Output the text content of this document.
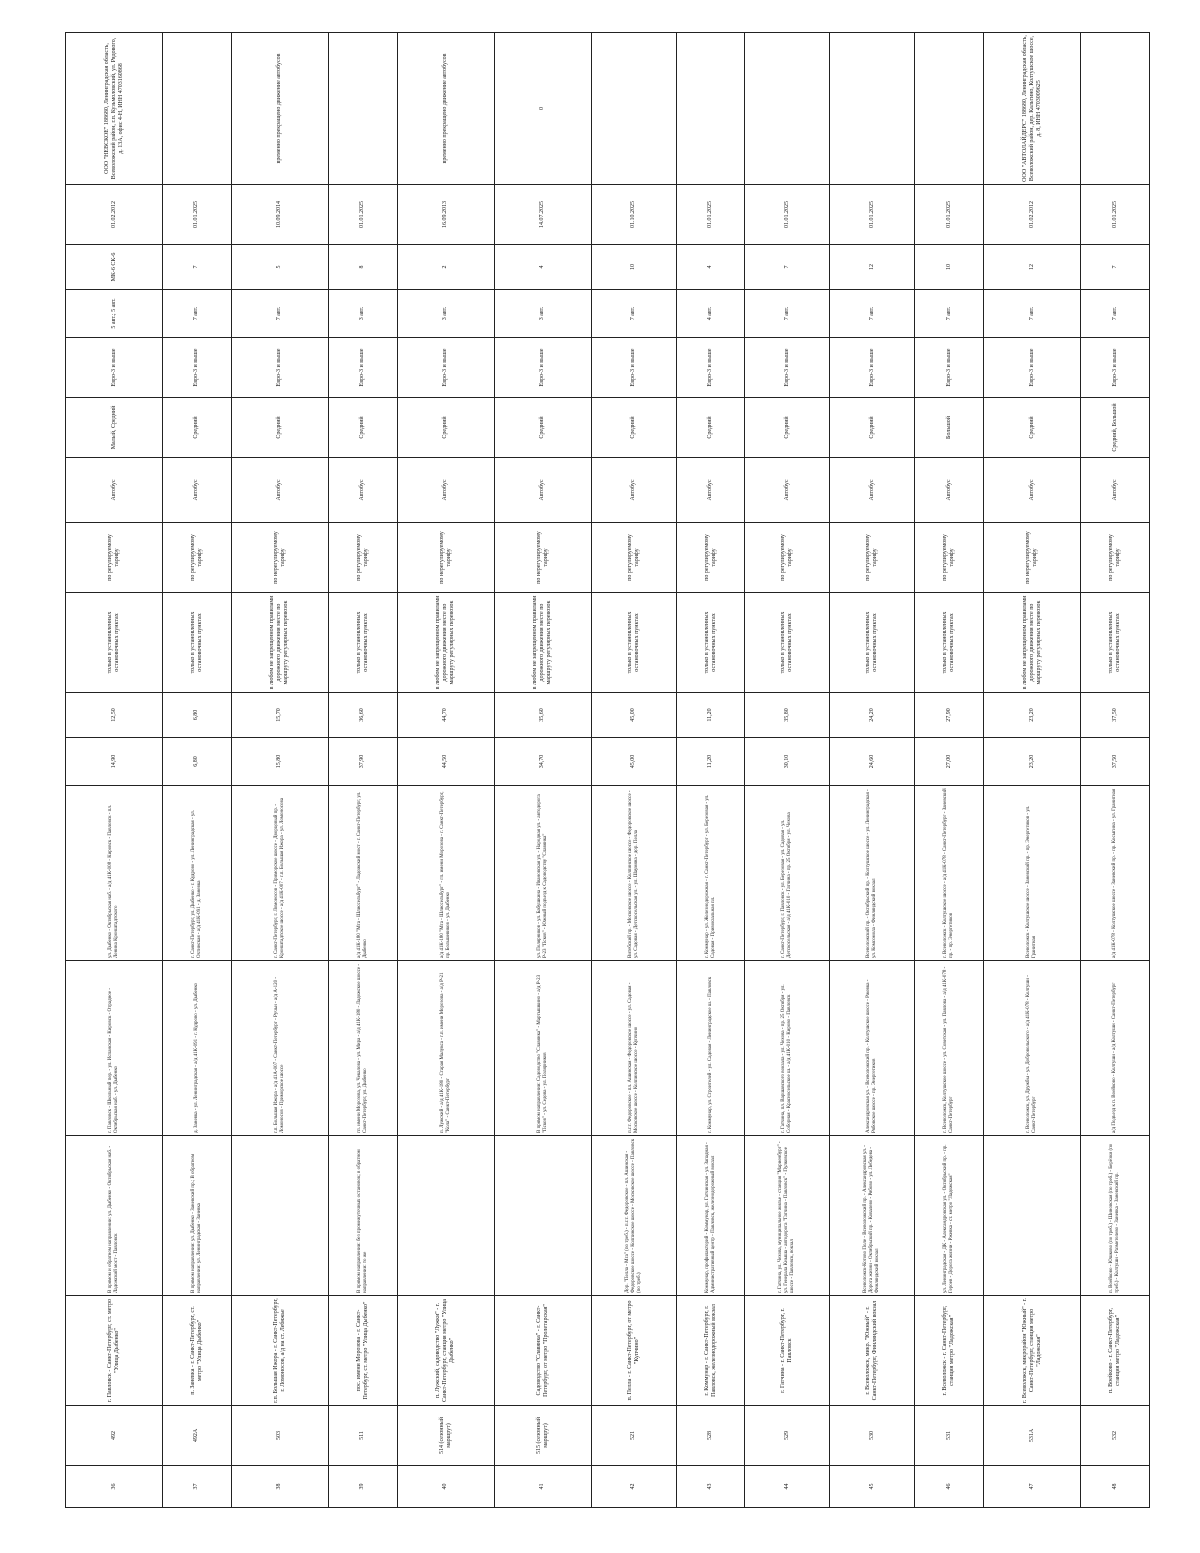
36	492	г. Павловск - Санкт-Петербург, ст. метро "Улица Дыбенко"	В прямом и обратном направлении: ул. Дыбенко - Октябрьская наб. - Ладожский мост - Павловск	г. Павловск - Школьный пер. - ул. Испанская - Кировск - Отрадное - Октябрьская наб. - ул. Дыбенко	ул. Дыбенко - Октябрьская наб. - а/д 41К-008 - Кировск - Павловск - пл. Ленина Кронштадтского	14,90	12,50	только в установленных остановочных пунктах	по регулируемому тарифу	Автобус	Малый, Средний	Евро-3 и выше	5 авт.; 5 авт.	МК-6 СК-6	01.02.2012	ООО "НЕВСКОЕ" 188680, Ленинградская область, Всеволожский район, г.п. Кузьмоловский, ул. Рядового, д. 13А, офис 4-Н, ИНН 4703160868
37	492А	п. Заневка - г. Санкт-Петербург, ст. метро "Улица Дыбенко"	В прямом направлении: ул. Дыбенко - Заневский пр.; В обратном направлении: ул. Ленинградская - Заневка	д. Заневка - ул. Ленинградская - а/д 41К-091 - г. Кудрово - ул. Дыбенко	г. Санкт-Петербург, ул. Дыбенко - г. Кудрово - ул. Ленинградская - ул. Охтинская - а/д 41К-091 - д. Заневка	6,80	6,80	только в установленных остановочных пунктах	по регулируемому тарифу	Автобус	Средний	Евро-3 и выше	7 авт.	7	01.01.2025	
38	503	г.п. Большая Ижора - г. Санкт-Петербург, г. Ломоносов, а/д на ст. Лебяжье		г.п. Большая Ижора - а/д 41А-007 - Санкт-Петербург - Ручьи - а/д А-120 - Ломоносов - Приморское шоссе	г. Санкт-Петербург, г. Ломоносов - Приморское шоссе - Дворцовый пр. - Кронштадтское шоссе - а/д 41К-007 - г.п. Большая Ижора - ул. Ломоносова	15,80	15,70	в любом не запрещенном правилами дорожного движения месте по маршруту регулярных перевозок	по нерегулируемому тарифу	Автобус	Средний	Евро-3 и выше	7 авт.	5	10.09.2014	временно прекращено движение автобусов
39	511	пос. имени Морозова - г. Санкт-Петербург, ст. метро "Улица Дыбенко"	В прямом направлении: без промежуточных остановок; в обратном направлении: то же	гп. имени Морозова, ул. Чекалова - ул. Мира - а/д 41К-180 - Ладожское шоссе - Санкт-Петербург, ул. Дыбенко	а/д 41К-180 "Мга - Шлиссельбург" - Ладожский мост - г. Санкт-Петербург, ул. Дыбенко	37,90	36,60	только в установленных остановочных пунктах	по регулируемому тарифу	Автобус	Средний	Евро-3 и выше	3 авт.	8	01.01.2025	
40	514 (сезонный маршрут)	п. Лужский, садоводство "Лужки" - г. Санкт-Петербург, станция метро "Улица Дыбенко"		п. Лужский - а/д 41К-180 - Старая Малукса - г.п. имени Морозова - а/д Р-21 "Кола" - Санкт-Петербург	а/д 41К-180 "Мга - Шлиссельбург" - гп. имени Морозова - г. Санкт-Петербург, пр. Большевиков - ул. Дыбенко	44,50	44,70	в любом не запрещенном правилами дорожного движения месте по маршруту регулярных перевозок	по нерегулируемому тарифу	Автобус	Средний	Евро-3 и выше	3 авт.	2	16.09.2013	временно прекращено движение автобусов
41	515 (сезонный маршрут)	Садоводство "Славянка" - г. Санкт-Петербург, от метро "Пролетарская"		В прямом направлении: Садоводство "Славянка" - Мартышкино - а/д Р-23 "Псков" - ул. Седова - ул. Полярников	ул. Полярников - ул. Бабушкина - Ивановская ул. - Народная ул. - автодорога Р-23 "Псков" - Южный подъезд к Садоводству "Славянка"	34,70	35,60	в любом не запрещенном правилами дорожного движения месте по маршруту регулярных перевозок	по нерегулируемому тарифу	Автобус	Средний	Евро-3 и выше	3 авт.	4	14.07.2025	0
42	521	п. Пелла - г. Санкт-Петербург, от метро "Купчино"	Дор. "Пелла - Мга" (по треб.) - п.г.т. Федоровское - пл. Ашинская - Федоровское шоссе - Колпинское шоссе - Московское шоссе - Павловск (по треб.)	п.г.т. Федоровское - пл. Ашинская - Федоровское шоссе - ул. Садовая - Московское шоссе - Колпинское шоссе - Купчино	Витебский пр. - Московское шоссе - Колпинское шоссе - Федоровское шоссе - ул. Садовая - Детскосельская ул. - ул. Шаумяна - дор. Пелла	45,00	45,00	только в установленных остановочных пунктах	по регулируемому тарифу	Автобус	Средний	Евро-3 и выше	7 авт.	10	01.10.2025	
43	528	г. Коммунар - г. Санкт-Петербург, г. Павловск, железнодорожный вокзал	Коммунар, профилакторий - Коммунар, ул. Гатчинская - ул. Западная - Административный центр - Павловск, железнодорожный вокзал	г. Коммунар, ул. Строителей - ул. Садовая - Ленинградское ш. - Павловск	г. Коммунар - ул. Железнодорожная - г. Санкт-Петербург - ул. Березовая - ул. Садовая - Привокзальная пл.	11,20	11,20	только в установленных остановочных пунктах	по регулируемому тарифу	Автобус	Средний	Евро-3 и выше	4 авт.	4	01.01.2025	
44	529	г. Гатчина - г. Санкт-Петербург, г. Павловск	г. Гатчина, ул. Чехова, муниципальное жилье - станция "Мариенбург" - ул. Генерала Кныша - автодорога "Гатчина - Павловск" - Пулковское шоссе - Павловск, вокзал	г. Гатчина, пл. Варшавского вокзала - ул. Чехова - пр. 25 Октября - ул. Соборная - Красносельское ш. - а/д 41К-010 - Кирово - Павловск	г. Санкт-Петербург, г. Павловск - ул. Березовая - ул. Садовая - ул. Детскосельская - а/д 41К-010 - Гатчина - пр. 25 Октября - ул. Чехова	30,10	35,80	только в установленных остановочных пунктах	по регулируемому тарифу	Автобус	Средний	Евро-3 и выше	7 авт.	7	01.01.2025	
45	530	г. Всеволожск, микр. "Южный" - г. Санкт-Петербург, Финляндский вокзал	Всеволожск-Котово Поле - Всеволожский пр. - Александровская ул. - Дорога жизни - Октябрьский пр. - Ковалево - Рябово - ул. Лебедева - Финляндский вокзал	Александровская ул. - Всеволожский пр. - Колтушское шоссе - Ржевка - Рябовское шоссе - пр. Энергетиков	Всеволожский пр. - Октябрьский пр. - Колтушское шоссе - ул. Ленинградская - ул. Комсомола - Финляндский вокзал	24,60	24,20	только в установленных остановочных пунктах	по регулируемому тарифу	Автобус	Средний	Евро-3 и выше	7 авт.	12	01.01.2025	
46	531	г. Всеволожск - г. Санкт-Петербург, станция метро "Ладожская"	ул. Ленинградская - ДК - Александровская ул. - Октябрьский пр. - пр. Героев - Дорога жизни - Ржевка - ст. метро "Ладожская"	г. Всеволожск, Колтушское шоссе - ул. Советская - ул. Павлова - а/д 41К-078 - Санкт-Петербург	г. Всеволожск - Колтушское шоссе - а/д 41К-078 - Санкт-Петербург - Заневский пр. - пр. Энергетиков	27,00	27,90	только в установленных остановочных пунктах	по регулируемому тарифу	Автобус	Большой	Евро-3 и выше	7 авт.	10	01.01.2025	
47	531А	г. Всеволожск, микрорайон "Южный" - г. Санкт-Петербург, станция метро "Ладожская"		г. Всеволожск, ул. Дружбы - ул. Добровольского - а/д 41К-078 - Колтуши - Санкт-Петербург	Всеволожск - Колтушское шоссе - Заневский пр. - пр. Энергетиков - ул. Гранитная	23,20	23,20	в любом не запрещенном правилами дорожного движения месте по маршруту регулярных перевозок	по нерегулируемому тарифу	Автобус	Средний	Евро-3 и выше	7 авт.	12	01.02.2012	ООО "АВТОЛАЙДЕРС" 188680, Ленинградская область, Всеволожский район, дер. Кальтино, Колтушское шоссе, д. 8, ИНН 4703009625
48	532	п. Воейково - г. Санкт-Петербург, станция метро "Ладожская"	п. Воейково - Юшково (по треб.) - Шиновская (по треб.) - Берёзки (по треб.) - Колтуши - Разметелево - Заневка - Заневский пр.	а/д Подъезд к п. Воейково - Колтуши - а/д Колтуши - Санкт-Петербург	а/д 41К-078 - Колтушское шоссе - Заневский пр. - пр. Косыгина - ул. Гранитная	37,50	37,50	только в установленных остановочных пунктах	по регулируемому тарифу	Автобус	Средний, Большой	Евро-3 и выше	7 авт.	7	01.01.2025	
